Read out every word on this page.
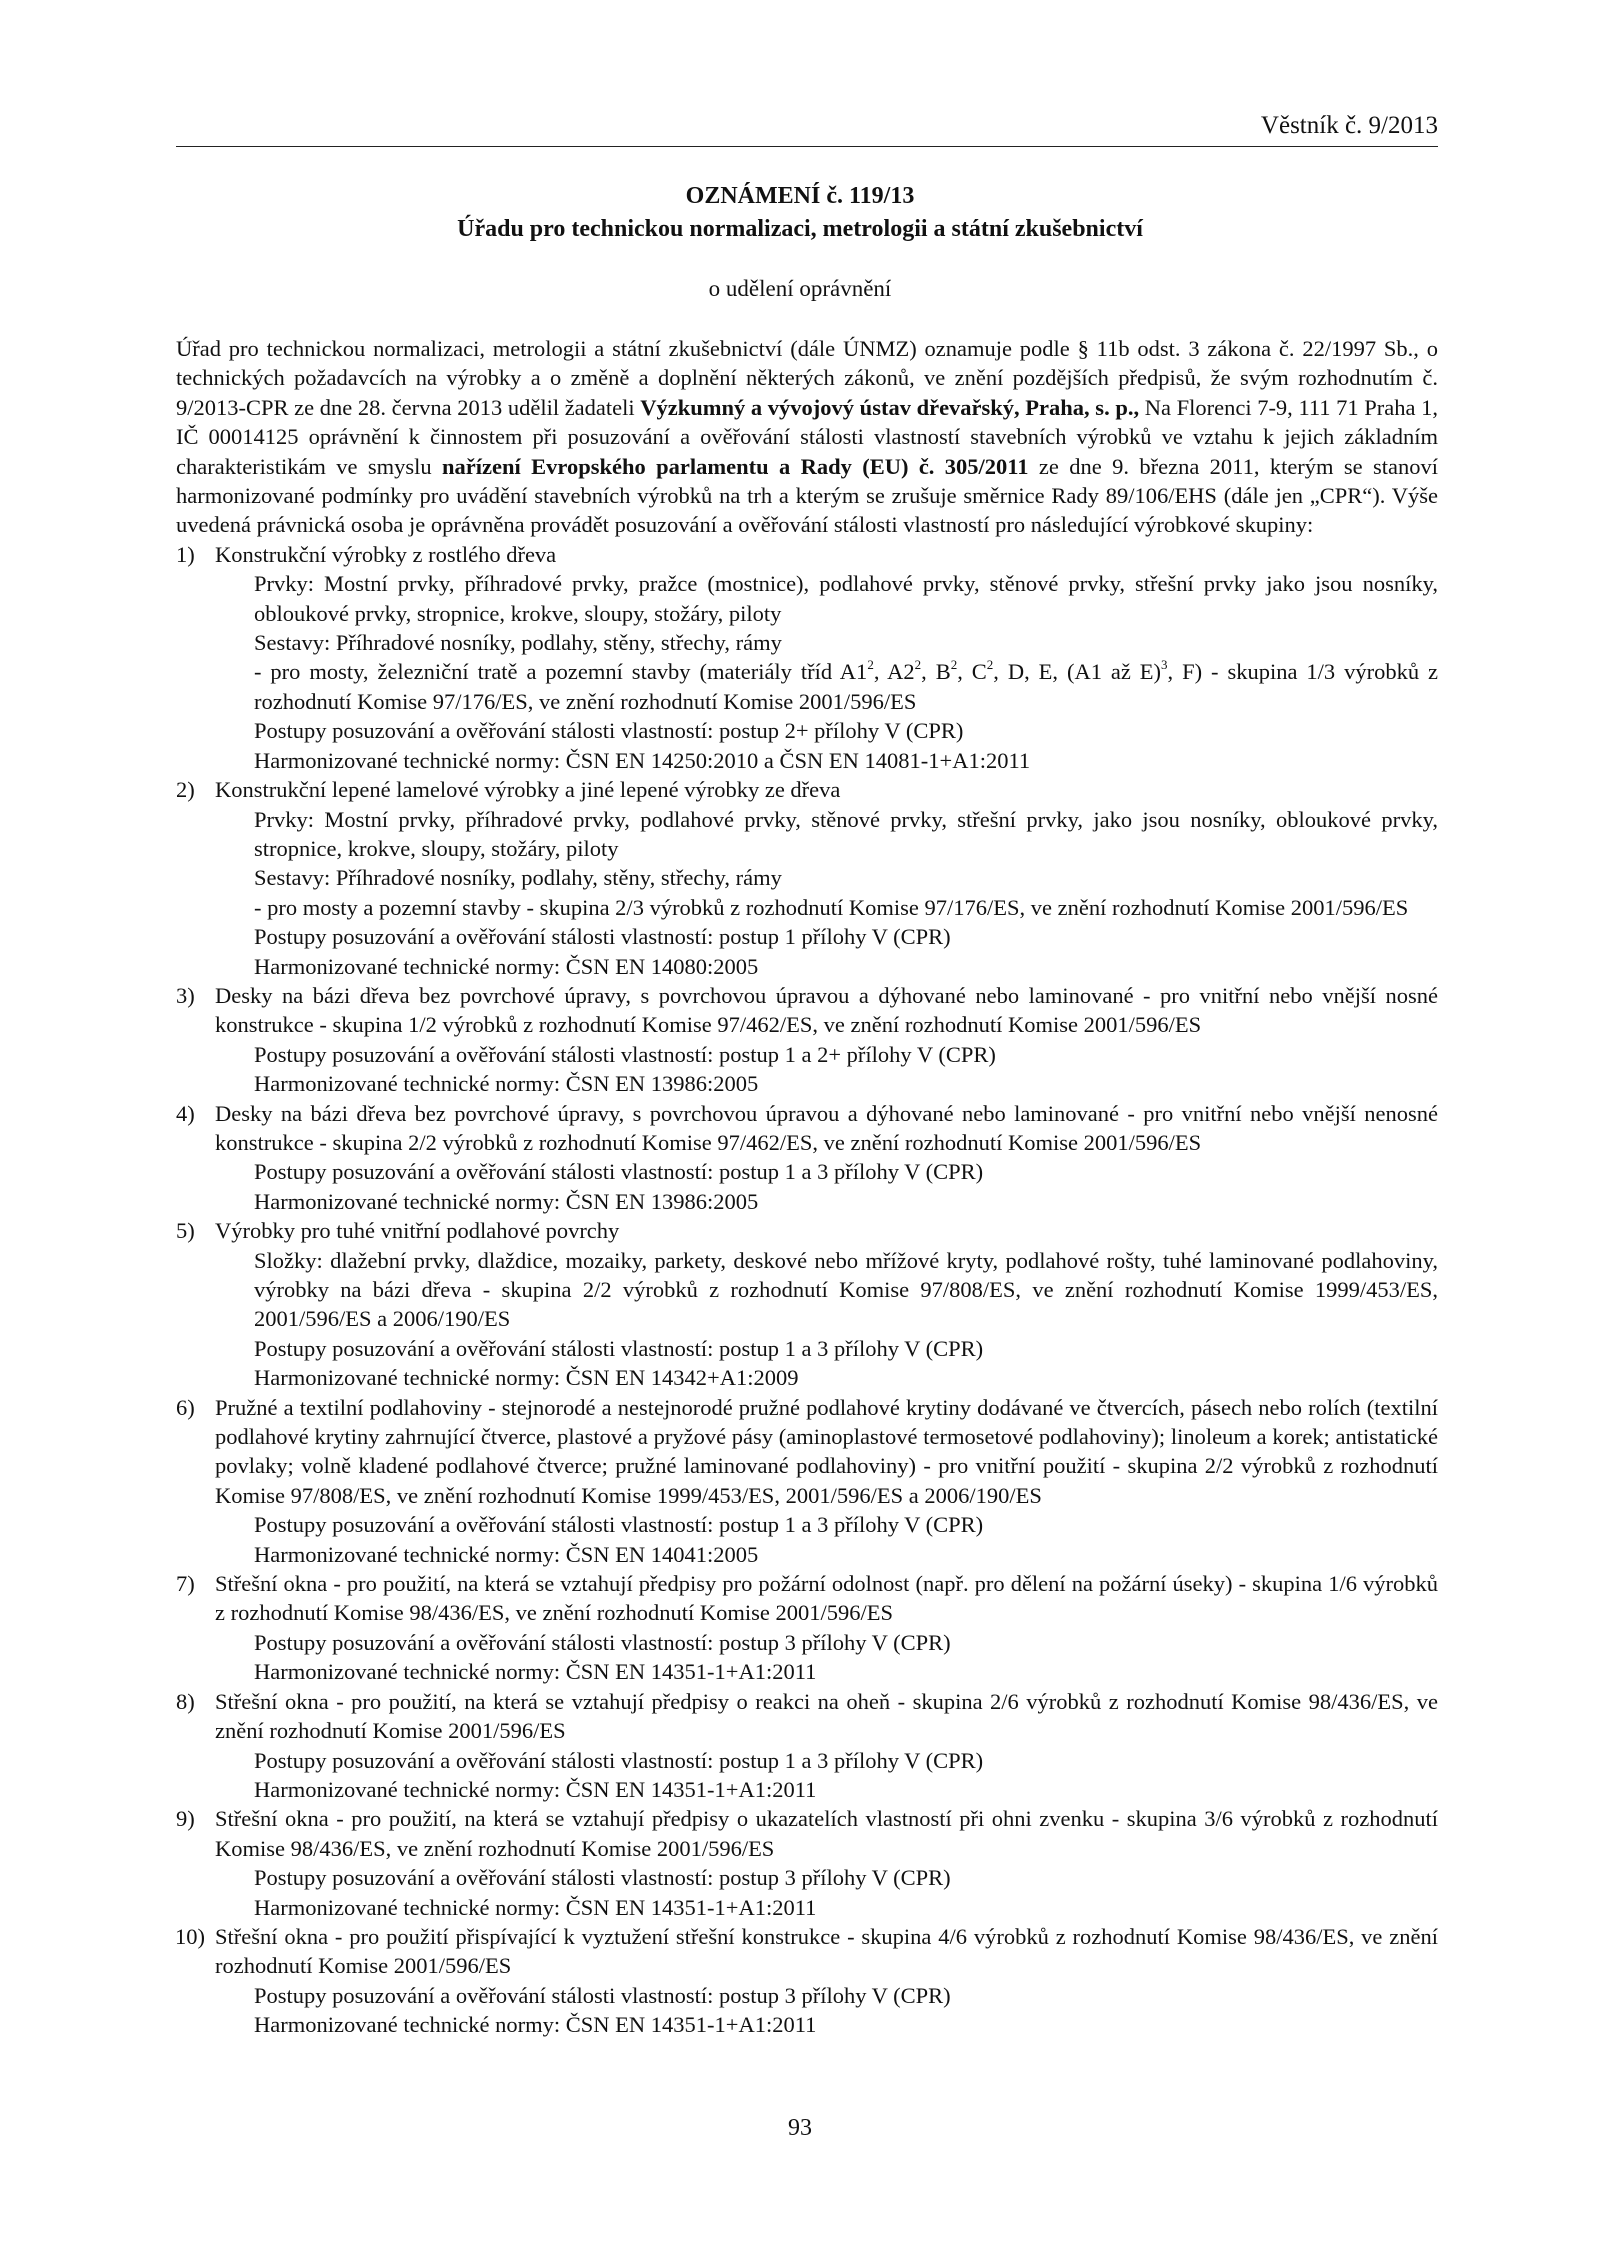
Věstník č. 9/2013
OZNÁMENÍ č. 119/13
Úřadu pro technickou normalizaci, metrologii a státní zkušebnictví
o udělení oprávnění

Úřad pro technickou normalizaci, metrologii a státní zkušebnictví (dále ÚNMZ) oznamuje podle § 11b odst. 3 zákona č. 22/1997 Sb., o technických požadavcích na výrobky a o změně a doplnění některých zákonů, ve znění pozdějších předpisů, že svým rozhodnutím č. 9/2013-CPR ze dne 28. června 2013 udělil žadateli Výzkumný a vývojový ústav dřevařský, Praha, s. p., Na Florenci 7-9, 111 71 Praha 1, IČ 00014125 oprávnění k činnostem při posuzování a ověřování stálosti vlastností stavebních výrobků ve vztahu k jejich základním charakteristikám ve smyslu nařízení Evropského parlamentu a Rady (EU) č. 305/2011 ze dne 9. března 2011, kterým se stanoví harmonizované podmínky pro uvádění stavebních výrobků na trh a kterým se zrušuje směrnice Rady 89/106/EHS (dále jen „CPR“). Výše uvedená právnická osoba je oprávněna provádět posuzování a ověřování stálosti vlastností pro následující výrobkové skupiny:

1) Konstrukční výrobky z rostlého dřeva
Prvky: Mostní prvky, příhradové prvky, pražce (mostnice), podlahové prvky, stěnové prvky, střešní prvky jako jsou nosníky, obloukové prvky, stropnice, krokve, sloupy, stožáry, piloty
Sestavy: Příhradové nosníky, podlahy, stěny, střechy, rámy
- pro mosty, železniční tratě a pozemní stavby (materiály tříd $A1^2$, $A2^2$, $B^2$, $C^2$, D, E, (A1 až E)$^3$, F) - skupina 1/3 výrobků z rozhodnutí Komise 97/176/ES, ve znění rozhodnutí Komise 2001/596/ES
Postupy posuzování a ověřování stálosti vlastností: postup 2+ přílohy V (CPR)
Harmonizované technické normy: ČSN EN 14250:2010 a ČSN EN 14081-1+A1:2011
2) Konstrukční lepené lamelové výrobky a jiné lepené výrobky ze dřeva
Prvky: Mostní prvky, příhradové prvky, podlahové prvky, stěnové prvky, střešní prvky, jako jsou nosníky, obloukové prvky, stropnice, krokve, sloupy, stožáry, piloty
Sestavy: Příhradové nosníky, podlahy, stěny, střechy, rámy
- pro mosty a pozemní stavby - skupina 2/3 výrobků z rozhodnutí Komise 97/176/ES, ve znění rozhodnutí Komise 2001/596/ES
Postupy posuzování a ověřování stálosti vlastností: postup 1 přílohy V (CPR)
Harmonizované technické normy: ČSN EN 14080:2005
3) Desky na bázi dřeva bez povrchové úpravy, s povrchovou úpravou a dýhované nebo laminované - pro vnitřní nebo vnější nosné konstrukce - skupina 1/2 výrobků z rozhodnutí Komise 97/462/ES, ve znění rozhodnutí Komise 2001/596/ES
Postupy posuzování a ověřování stálosti vlastností: postup 1 a 2+ přílohy V (CPR)
Harmonizované technické normy: ČSN EN 13986:2005
4) Desky na bázi dřeva bez povrchové úpravy, s povrchovou úpravou a dýhované nebo laminované - pro vnitřní nebo vnější nenosné konstrukce - skupina 2/2 výrobků z rozhodnutí Komise 97/462/ES, ve znění rozhodnutí Komise 2001/596/ES
Postupy posuzování a ověřování stálosti vlastností: postup 1 a 3 přílohy V (CPR)
Harmonizované technické normy: ČSN EN 13986:2005
5) Výrobky pro tuhé vnitřní podlahové povrchy
Složky: dlažební prvky, dlaždice, mozaiky, parkety, deskové nebo mřížové kryty, podlahové rošty, tuhé laminované podlahoviny, výrobky na bázi dřeva - skupina 2/2 výrobků z rozhodnutí Komise 97/808/ES, ve znění rozhodnutí Komise 1999/453/ES, 2001/596/ES a 2006/190/ES
Postupy posuzování a ověřování stálosti vlastností: postup 1 a 3 přílohy V (CPR)
Harmonizované technické normy: ČSN EN 14342+A1:2009
6) Pružné a textilní podlahoviny - stejnorodé a nestejnorodé pružné podlahové krytiny dodávané ve čtvercích, pásech nebo rolích (textilní podlahové krytiny zahrnující čtverce, plastové a pryžové pásy (aminoplastové termosetové podlahoviny); linoleum a korek; antistatické povlaky; volně kladené podlahové čtverce; pružné laminované podlahoviny) - pro vnitřní použití - skupina 2/2 výrobků z rozhodnutí Komise 97/808/ES, ve znění rozhodnutí Komise 1999/453/ES, 2001/596/ES a 2006/190/ES
Postupy posuzování a ověřování stálosti vlastností: postup 1 a 3 přílohy V (CPR)
Harmonizované technické normy: ČSN EN 14041:2005
7) Střešní okna - pro použití, na která se vztahují předpisy pro požární odolnost (např. pro dělení na požární úseky) - skupina 1/6 výrobků z rozhodnutí Komise 98/436/ES, ve znění rozhodnutí Komise 2001/596/ES
Postupy posuzování a ověřování stálosti vlastností: postup 3 přílohy V (CPR)
Harmonizované technické normy: ČSN EN 14351-1+A1:2011
8) Střešní okna - pro použití, na která se vztahují předpisy o reakci na oheň - skupina 2/6 výrobků z rozhodnutí Komise 98/436/ES, ve znění rozhodnutí Komise 2001/596/ES
Postupy posuzování a ověřování stálosti vlastností: postup 1 a 3 přílohy V (CPR)
Harmonizované technické normy: ČSN EN 14351-1+A1:2011
9) Střešní okna - pro použití, na která se vztahují předpisy o ukazatelích vlastností při ohni zvenku - skupina 3/6 výrobků z rozhodnutí Komise 98/436/ES, ve znění rozhodnutí Komise 2001/596/ES
Postupy posuzování a ověřování stálosti vlastností: postup 3 přílohy V (CPR)
Harmonizované technické normy: ČSN EN 14351-1+A1:2011
10) Střešní okna - pro použití přispívající k vyztužení střešní konstrukce - skupina 4/6 výrobků z rozhodnutí Komise 98/436/ES, ve znění rozhodnutí Komise 2001/596/ES
Postupy posuzování a ověřování stálosti vlastností: postup 3 přílohy V (CPR)
Harmonizované technické normy: ČSN EN 14351-1+A1:2011
93
